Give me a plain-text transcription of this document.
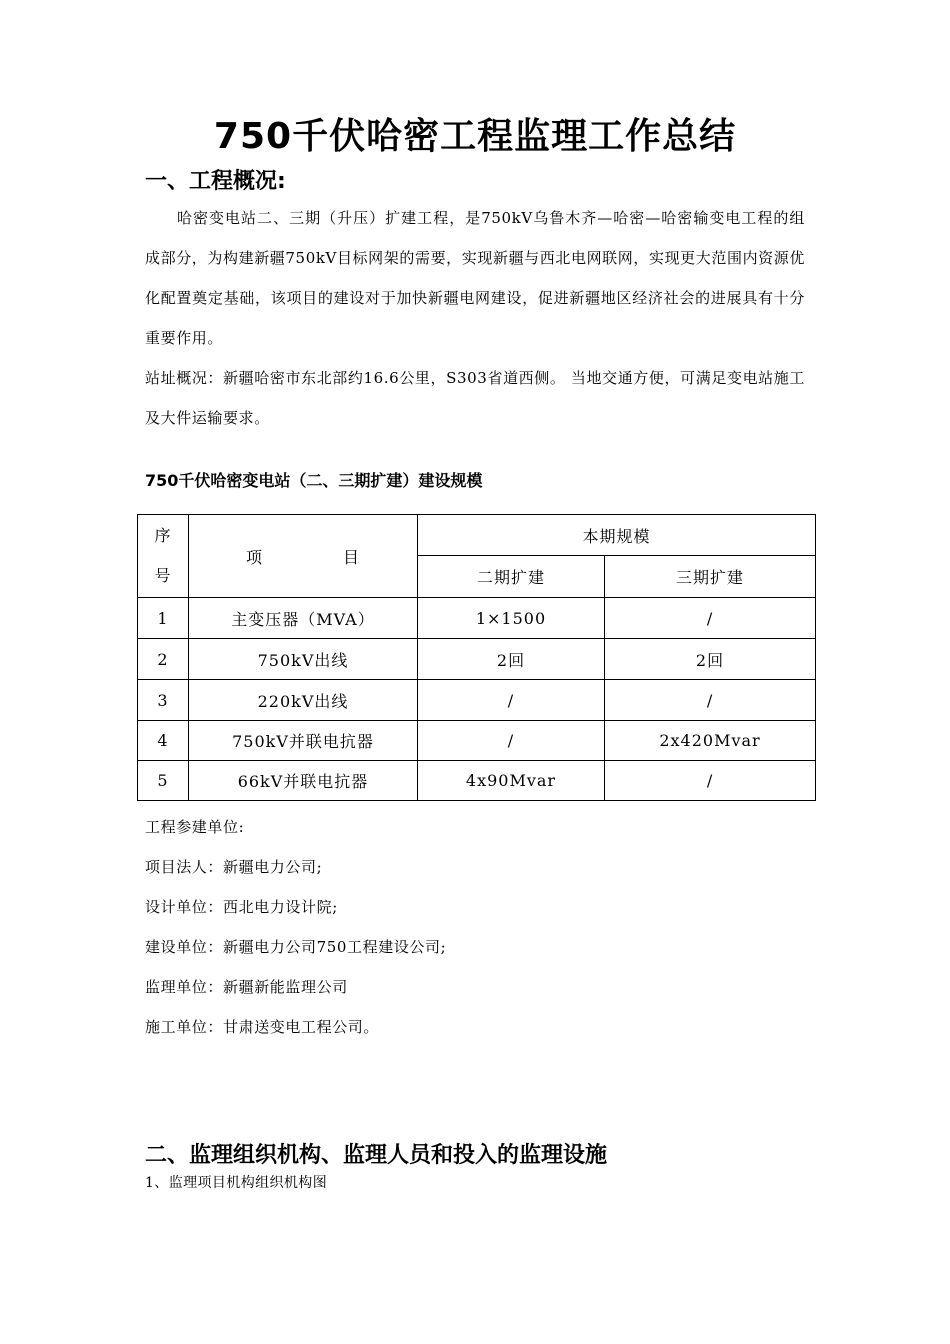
750千伏哈密工程监理工作总结
一、工程概况:

哈密变电站二、三期（升压）扩建工程，是750kV乌鲁木齐—哈密—哈密输变电工程的组成部分，为构建新疆750kV目标网架的需要，实现新疆与西北电网联网，实现更大范围内资源优化配置奠定基础，该项目的建设对于加快新疆电网建设，促进新疆地区经济社会的进展具有十分重要作用。

站址概况：新疆哈密市东北部约16.6公里，S303省道西侧。 当地交通方便，可满足变电站施工及大件运输要求。

750千伏哈密变电站（二、三期扩建）建设规模
序
号	项 目	本期规模	
		二期扩建	三期扩建
1	主变压器（MVA）	1×1500	/
2	750kV出线	2回	2回
3	220kV出线	/	/
4	750kV并联电抗器	/	2x420Mvar
5	66kV并联电抗器	4x90Mvar	/
工程参建单位:
项目法人：新疆电力公司;
设计单位：西北电力设计院;
建设单位：新疆电力公司750工程建设公司;
监理单位：新疆新能监理公司
施工单位：甘肃送变电工程公司。
二、监理组织机构、监理人员和投入的监理设施
1、监理项目机构组织机构图
